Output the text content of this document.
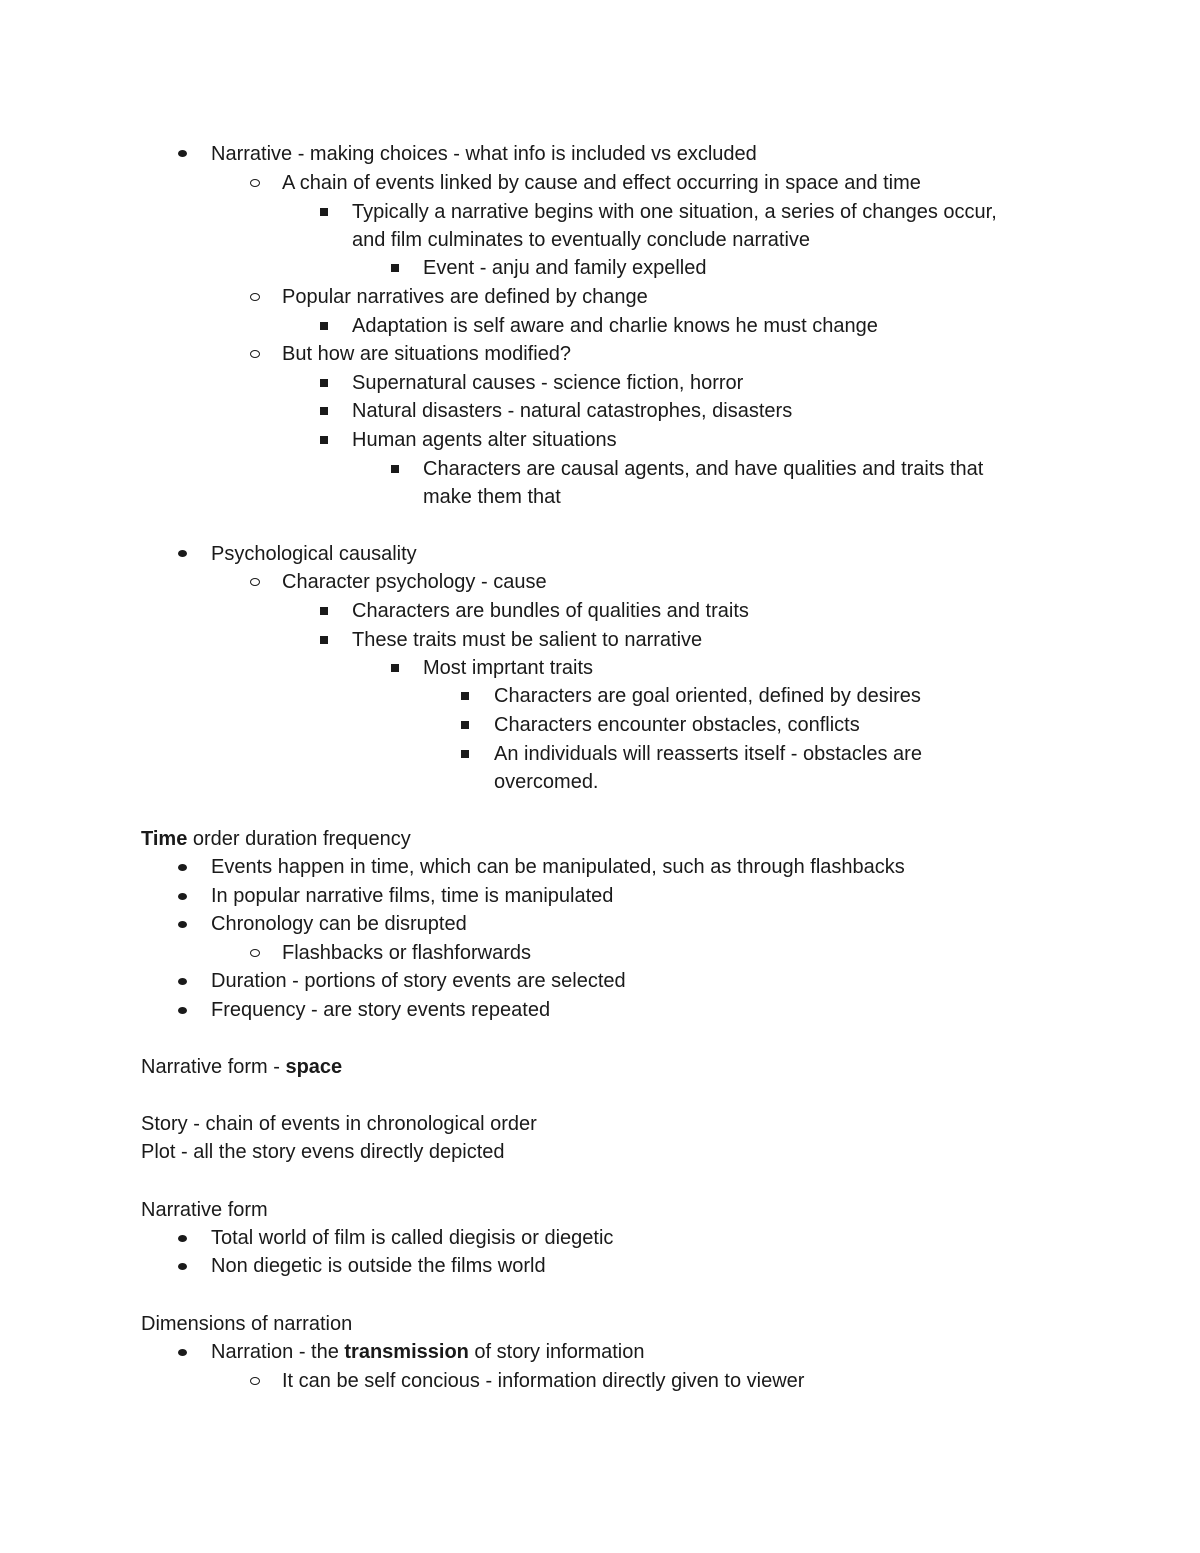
Narrative - making choices - what info is included vs excluded
A chain of events linked by cause and effect occurring in space and time
Typically a narrative begins with one situation, a series of changes occur,
and film culminates to eventually conclude narrative
Event - anju and family expelled
Popular narratives are defined by change
Adaptation is self aware and charlie knows he must change
But how are situations modified?
Supernatural causes - science fiction, horror
Natural disasters - natural catastrophes, disasters
Human agents alter situations
Characters are causal agents, and have qualities and traits that
make them that
Psychological causality
Character psychology - cause
Characters are bundles of qualities and traits
These traits must be salient to narrative
Most imprtant traits
Characters are goal oriented, defined by desires
Characters encounter obstacles, conflicts
An individuals will reasserts itself - obstacles are
overcomed.
Time order duration frequency
Events happen in time, which can be manipulated, such as through flashbacks
In popular narrative films, time is manipulated
Chronology can be disrupted
Flashbacks or flashforwards
Duration - portions of story events are selected
Frequency - are story events repeated
Narrative form - space
Story - chain of events in chronological order
Plot - all the story evens directly depicted
Narrative form
Total world of film is called diegisis or diegetic
Non diegetic is outside the films world
Dimensions of narration
Narration - the transmission of story information
It can be self concious - information directly given to viewer
